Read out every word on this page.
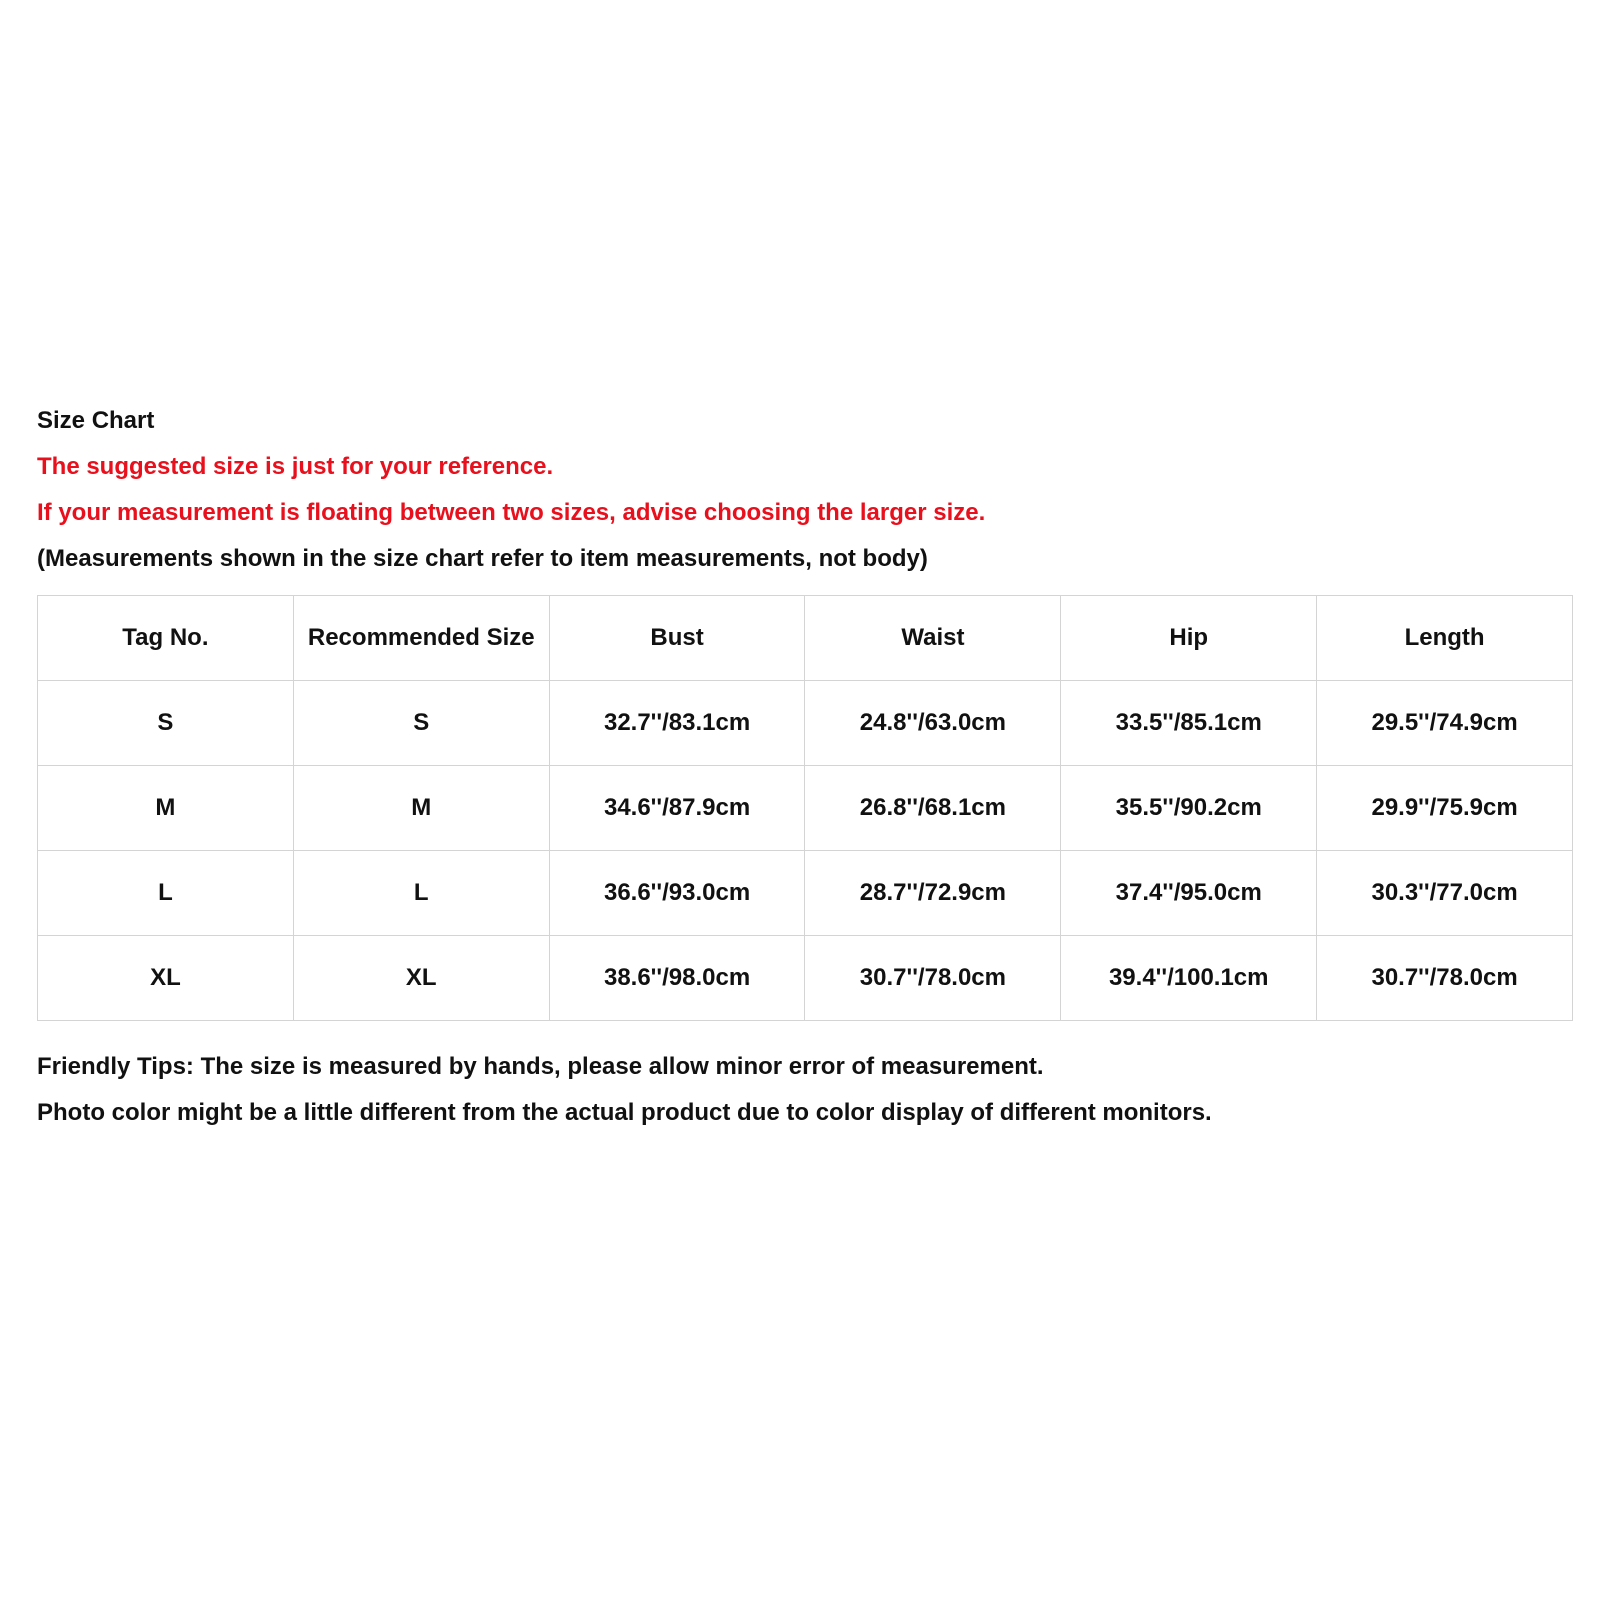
Size Chart
The suggested size is just for your reference.
If your measurement is floating between two sizes, advise choosing the larger size.
(Measurements shown in the size chart refer to item measurements, not body)
Tag No.	Recommended Size	Bust	Waist	Hip	Length
S	S	32.7''/83.1cm	24.8''/63.0cm	33.5''/85.1cm	29.5''/74.9cm
M	M	34.6''/87.9cm	26.8''/68.1cm	35.5''/90.2cm	29.9''/75.9cm
L	L	36.6''/93.0cm	28.7''/72.9cm	37.4''/95.0cm	30.3''/77.0cm
XL	XL	38.6''/98.0cm	30.7''/78.0cm	39.4''/100.1cm	30.7''/78.0cm
Friendly Tips: The size is measured by hands, please allow minor error of measurement.
Photo color might be a little different from the actual product due to color display of different monitors.
